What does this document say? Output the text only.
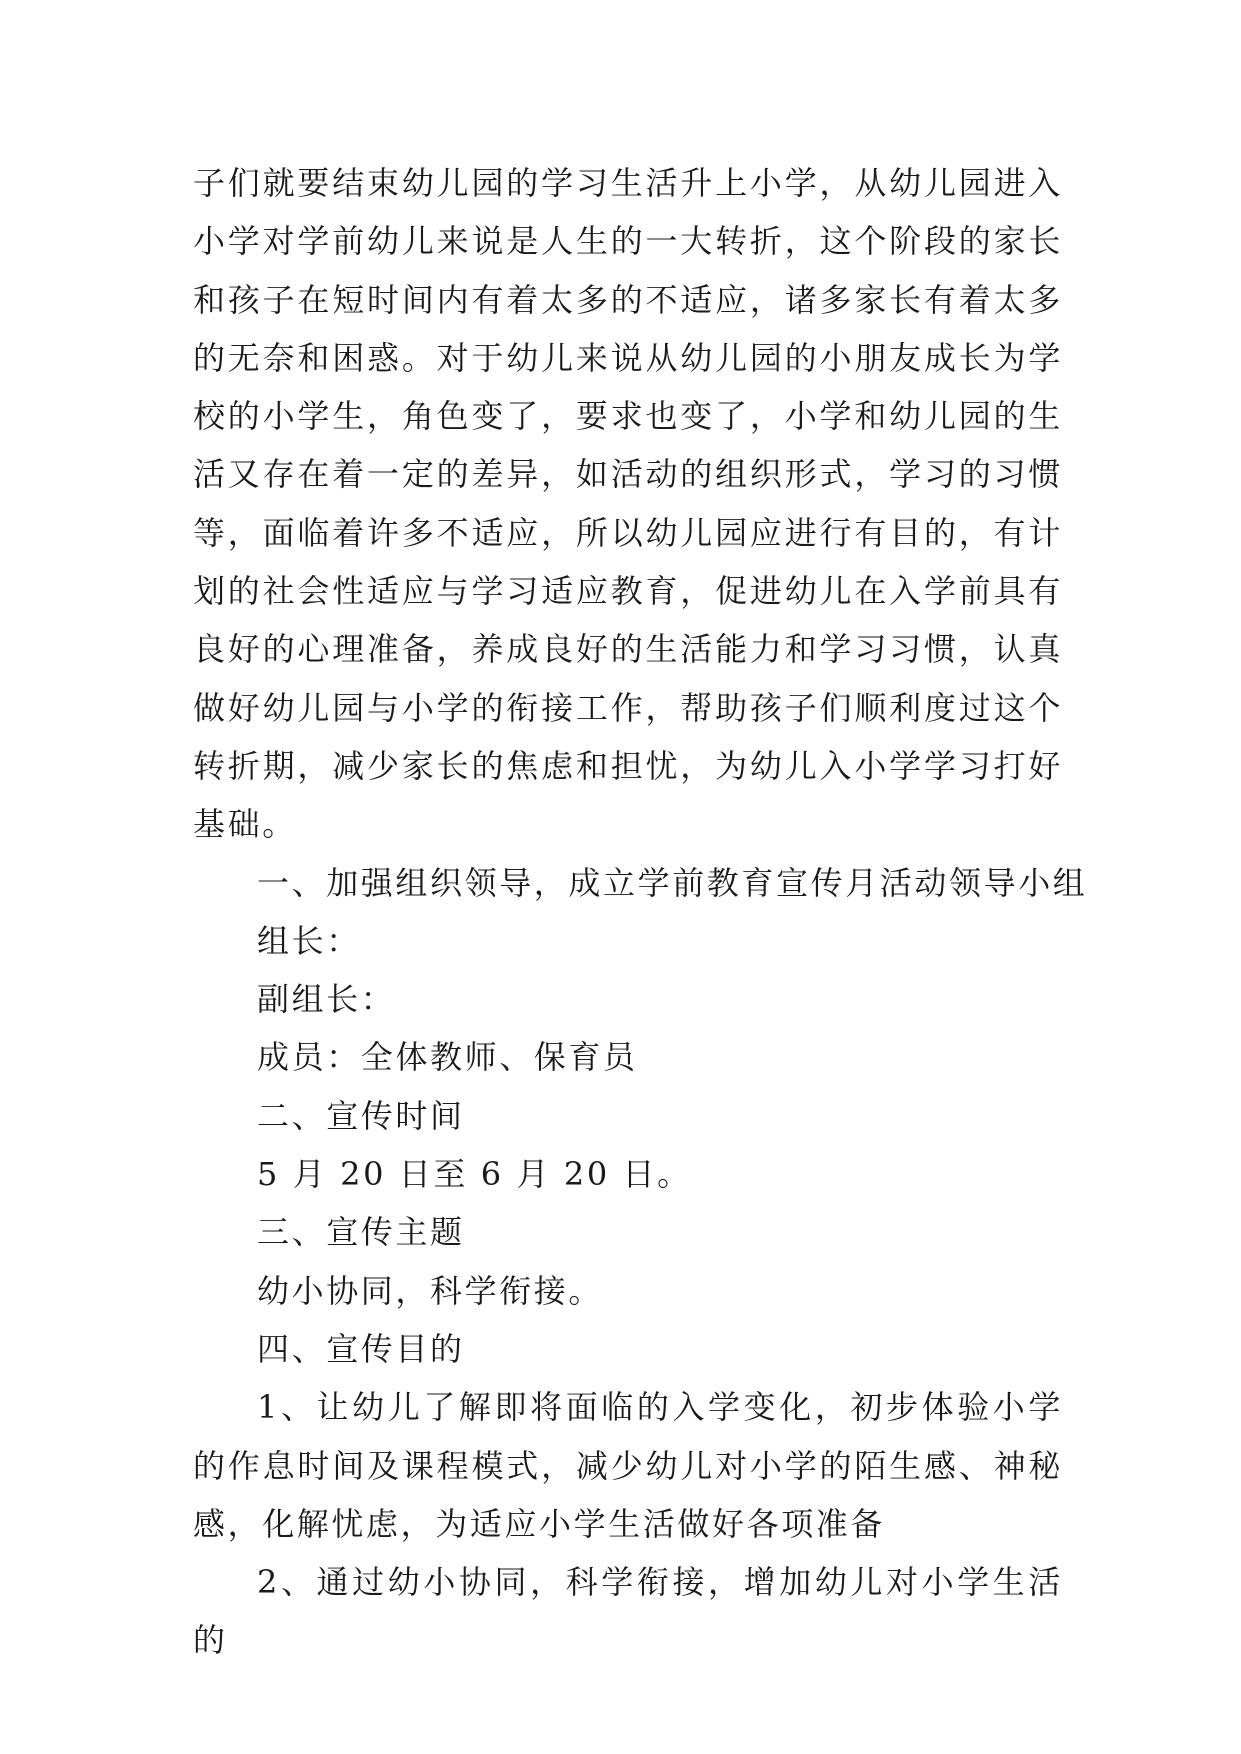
子们就要结束幼儿园的学习生活升上小学，从幼儿园进入小学对学前幼儿来说是人生的一大转折，这个阶段的家长和孩子在短时间内有着太多的不适应，诸多家长有着太多的无奈和困惑。对于幼儿来说从幼儿园的小朋友成长为学校的小学生，角色变了，要求也变了，小学和幼儿园的生活又存在着一定的差异，如活动的组织形式，学习的习惯等，面临着许多不适应，所以幼儿园应进行有目的，有计划的社会性适应与学习适应教育，促进幼儿在入学前具有良好的心理准备，养成良好的生活能力和学习习惯，认真做好幼儿园与小学的衔接工作，帮助孩子们顺利度过这个转折期，减少家长的焦虑和担忧，为幼儿入小学学习打好基础。

一、加强组织领导，成立学前教育宣传月活动领导小组

组长：

副组长：

成员：全体教师、保育员

二、宣传时间

5 月 20 日至 6 月 20 日。

三、宣传主题

幼小协同，科学衔接。

四、宣传目的

1、让幼儿了解即将面临的入学变化，初步体验小学的作息时间及课程模式，减少幼儿对小学的陌生感、神秘感，化解忧虑，为适应小学生活做好各项准备

2、通过幼小协同，科学衔接，增加幼儿对小学生活的
